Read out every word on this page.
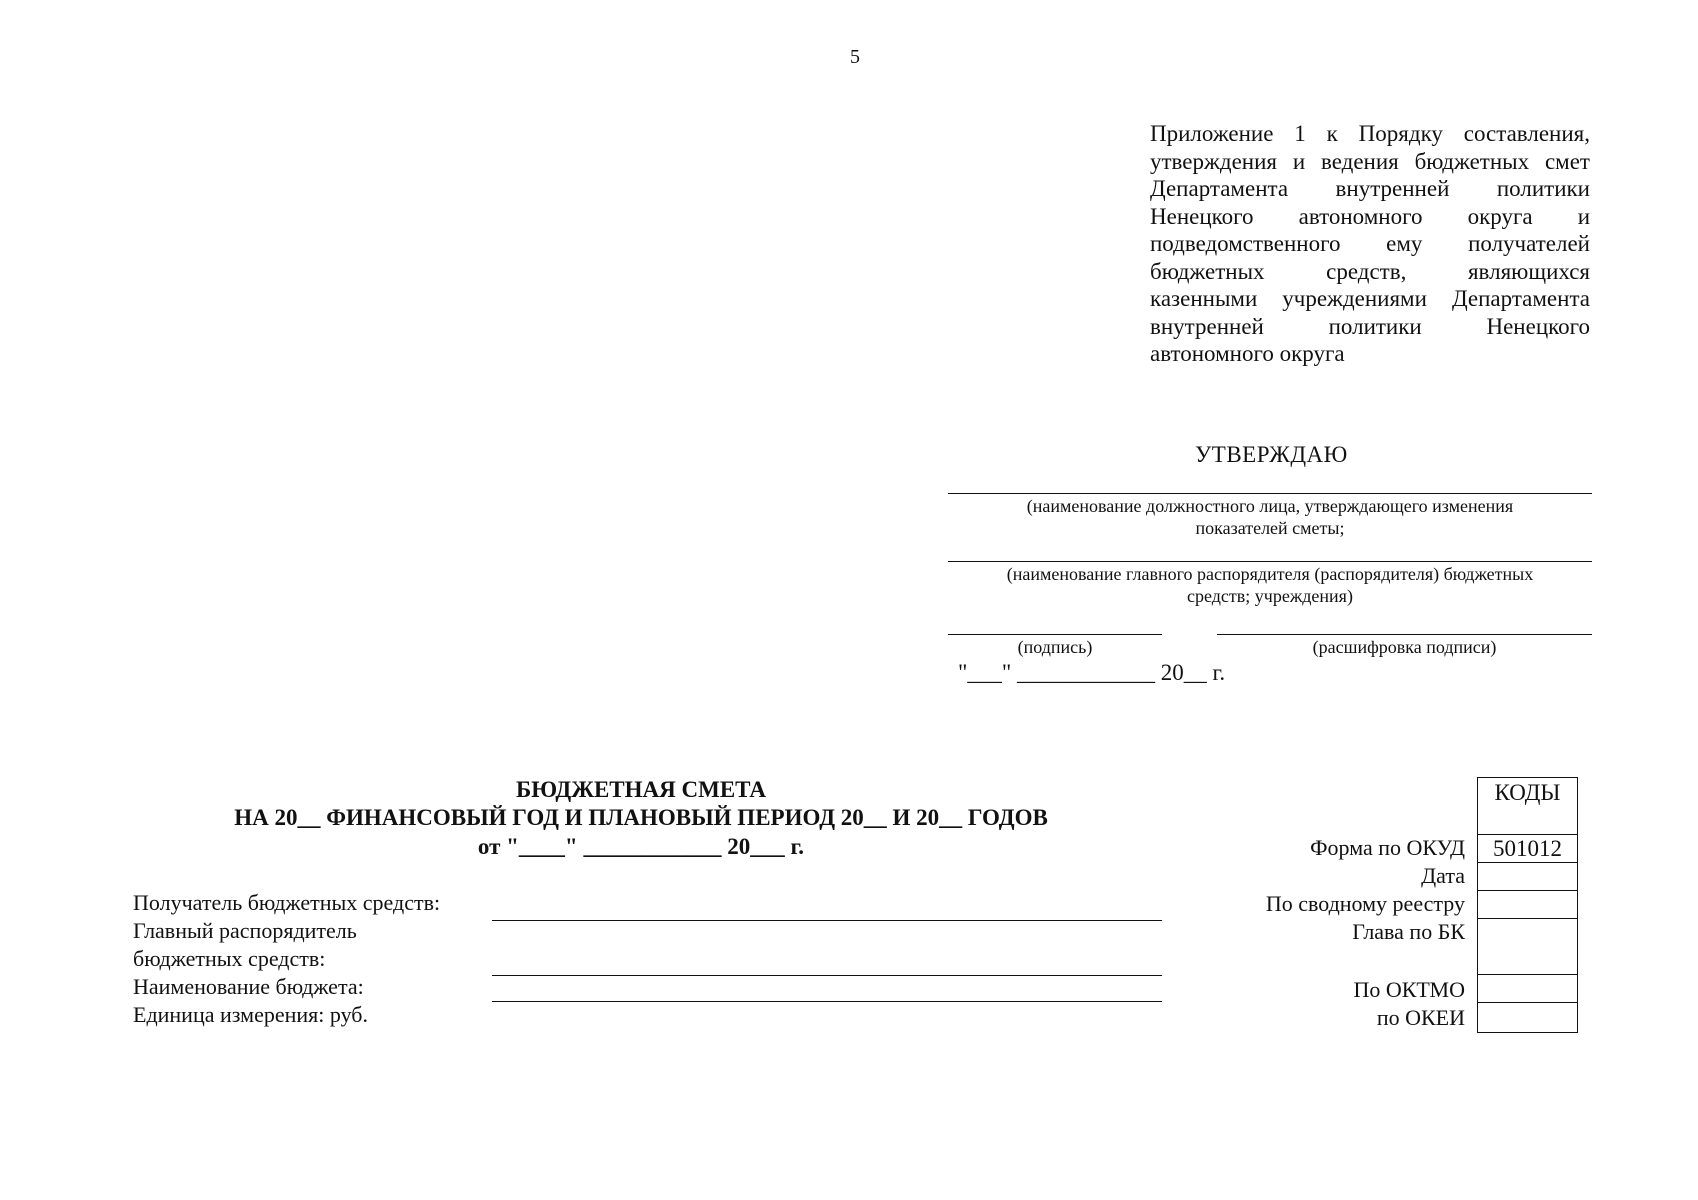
5
Приложение 1 к Порядку составления, утверждения и ведения бюджетных смет Департамента внутренней политики Ненецкого автономного округа и подведомственного ему получателей бюджетных средств, являющихся казенными учреждениями Департамента внутренней политики Ненецкого автономного округа
УТВЕРЖДАЮ
(наименование должностного лица, утверждающего изменения
показателей сметы;
(наименование главного распорядителя (распорядителя) бюджетных
средств; учреждения)
(подпись)	(расшифровка подписи)
"___" ____________ 20__ г.
БЮДЖЕТНАЯ СМЕТА
НА 20__ ФИНАНСОВЫЙ ГОД И ПЛАНОВЫЙ ПЕРИОД 20__ И 20__ ГОДОВ
от "____" ____________ 20___ г.
Получатель бюджетных средств:
Главный распорядитель
бюджетных средств:
Наименование бюджета:
Единица измерения: руб.
КОДЫ
501012
Форма по ОКУД
Дата
По сводному реестру
Глава по БК
По ОКТМО
по ОКЕИ
